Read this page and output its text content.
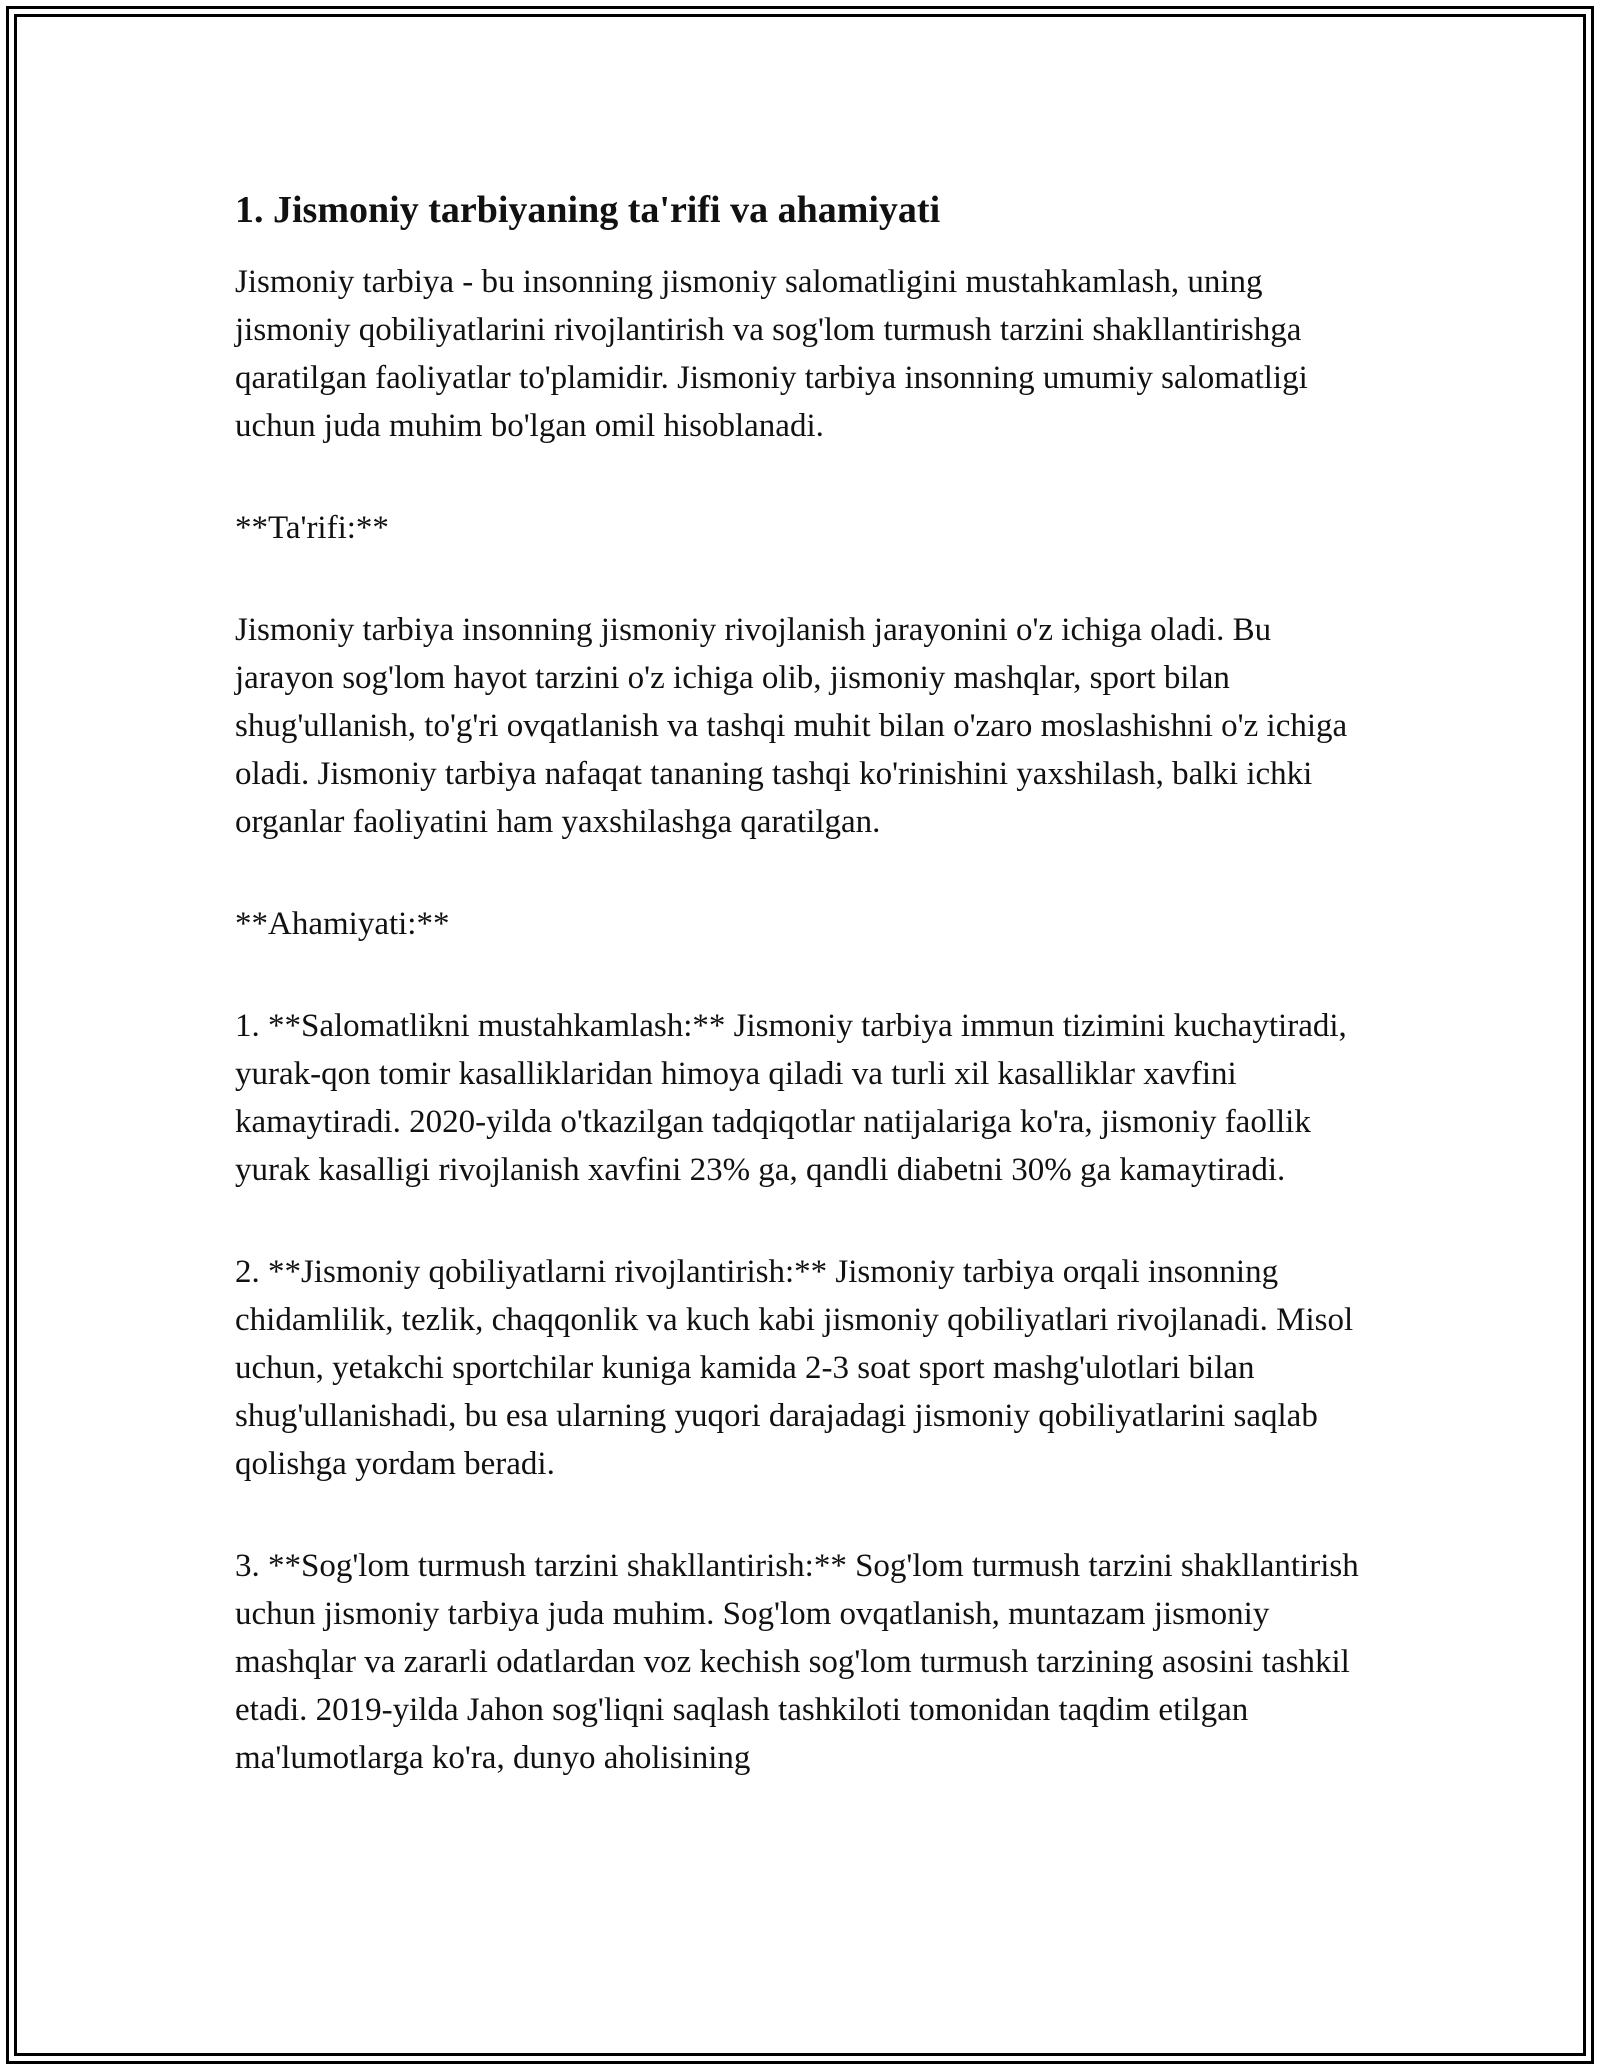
1. Jismoniy tarbiyaning ta'rifi va ahamiyati

Jismoniy tarbiya - bu insonning jismoniy salomatligini mustahkamlash, uning jismoniy qobiliyatlarini rivojlantirish va sog'lom turmush tarzini shakllantirishga qaratilgan faoliyatlar to'plamidir. Jismoniy tarbiya insonning umumiy salomatligi uchun juda muhim bo'lgan omil hisoblanadi.

**Ta'rifi:**

Jismoniy tarbiya insonning jismoniy rivojlanish jarayonini o'z ichiga oladi. Bu jarayon sog'lom hayot tarzini o'z ichiga olib, jismoniy mashqlar, sport bilan shug'ullanish, to'g'ri ovqatlanish va tashqi muhit bilan o'zaro moslashishni o'z ichiga oladi. Jismoniy tarbiya nafaqat tananing tashqi ko'rinishini yaxshilash, balki ichki organlar faoliyatini ham yaxshilashga qaratilgan.

**Ahamiyati:**

1. **Salomatlikni mustahkamlash:** Jismoniy tarbiya immun tizimini kuchaytiradi, yurak-qon tomir kasalliklaridan himoya qiladi va turli xil kasalliklar xavfini kamaytiradi. 2020-yilda o'tkazilgan tadqiqotlar natijalariga ko'ra, jismoniy faollik yurak kasalligi rivojlanish xavfini 23% ga, qandli diabetni 30% ga kamaytiradi.

2. **Jismoniy qobiliyatlarni rivojlantirish:** Jismoniy tarbiya orqali insonning chidamlilik, tezlik, chaqqonlik va kuch kabi jismoniy qobiliyatlari rivojlanadi. Misol uchun, yetakchi sportchilar kuniga kamida 2-3 soat sport mashg'ulotlari bilan shug'ullanishadi, bu esa ularning yuqori darajadagi jismoniy qobiliyatlarini saqlab qolishga yordam beradi.

3. **Sog'lom turmush tarzini shakllantirish:** Sog'lom turmush tarzini shakllantirish uchun jismoniy tarbiya juda muhim. Sog'lom ovqatlanish, muntazam jismoniy mashqlar va zararli odatlardan voz kechish sog'lom turmush tarzining asosini tashkil etadi. 2019-yilda Jahon sog'liqni saqlash tashkiloti tomonidan taqdim etilgan ma'lumotlarga ko'ra, dunyo aholisining
